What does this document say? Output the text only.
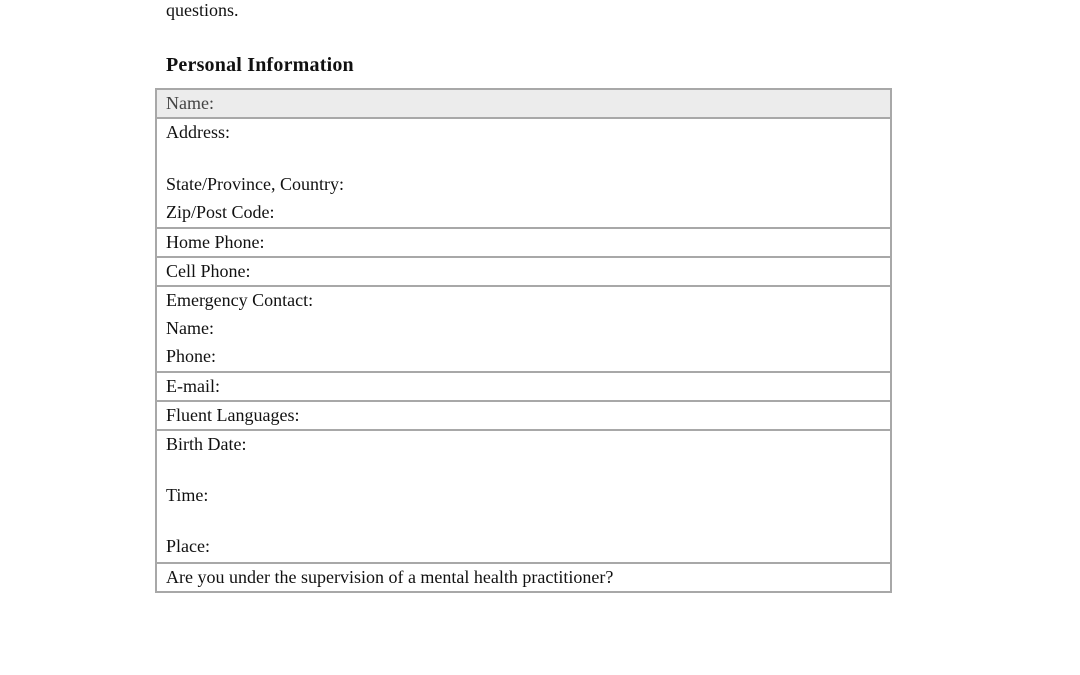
questions.
Personal Information
Name:

Address:
State/Province, Country:
Zip/Post Code:

Home Phone:

Cell Phone:

Emergency Contact:
Name:
Phone:

E-mail:

Fluent Languages:

Birth Date:
Time:
Place:

Are you under the supervision of a mental health practitioner?
